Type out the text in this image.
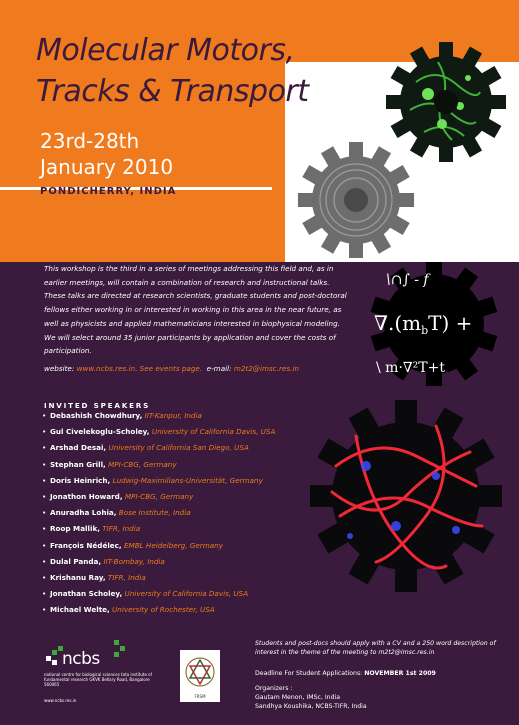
Molecular Motors,
Tracks & Transport
23rd-28th
January 2010
PONDICHERRY, INDIA

This workshop is the third in a series of meetings addressing this field and, as in earlier meetings, will contain a combination of research and instructional talks. These talks are directed at research scientists, graduate students and post-doctoral fellows either working in or interested in working in this area in the near future, as well as physicists and applied mathematicians interested in biophysical modeling. We will select around 35 junior participants by application and cover the costs of participation.

website: www.ncbs.res.in. See events page. e-mail: m2t2@imsc.res.in
\∩∫ - f
$\nabla.(m_bT)$ +
\ m·∇²T+t
INVITED SPEAKERS
• Debashish Chowdhury, IIT-Kanpur, India
• Gul Civelekoglu-Scholey, University of California Davis, USA
• Arshad Desai, University of California San Diego, USA
• Stephan Grill, MPI-CBG, Germany
• Doris Heinrich, Ludwig-Maximilians-Universität, Germany
• Jonathon Howard, MPI-CBG, Germany
• Anuradha Lohia, Bose Institute, India
• Roop Mallik, TIFR, India
• François Nédélec, EMBL Heidelberg, Germany
• Dulal Panda, IIT-Bombay, India
• Krishanu Ray, TIFR, India
• Jonathan Scholey, University of California Davis, USA
• Michael Welte, University of Rochester, USA
ncbs
national centre for biological sciences tata institute of fundamental research GKVK Bellary Road, Bangalore 560065
www.ncbs.res.in
FRSM

Students and post-docs should apply with a CV and a 250 word description of interest in the theme of the meeting to m2t2@imsc.res.in

Deadline For Student Applications: NOVEMBER 1st 2009
Organizers :
Gautam Menon, IMSc, India
Sandhya Koushika, NCBS-TIFR, India
